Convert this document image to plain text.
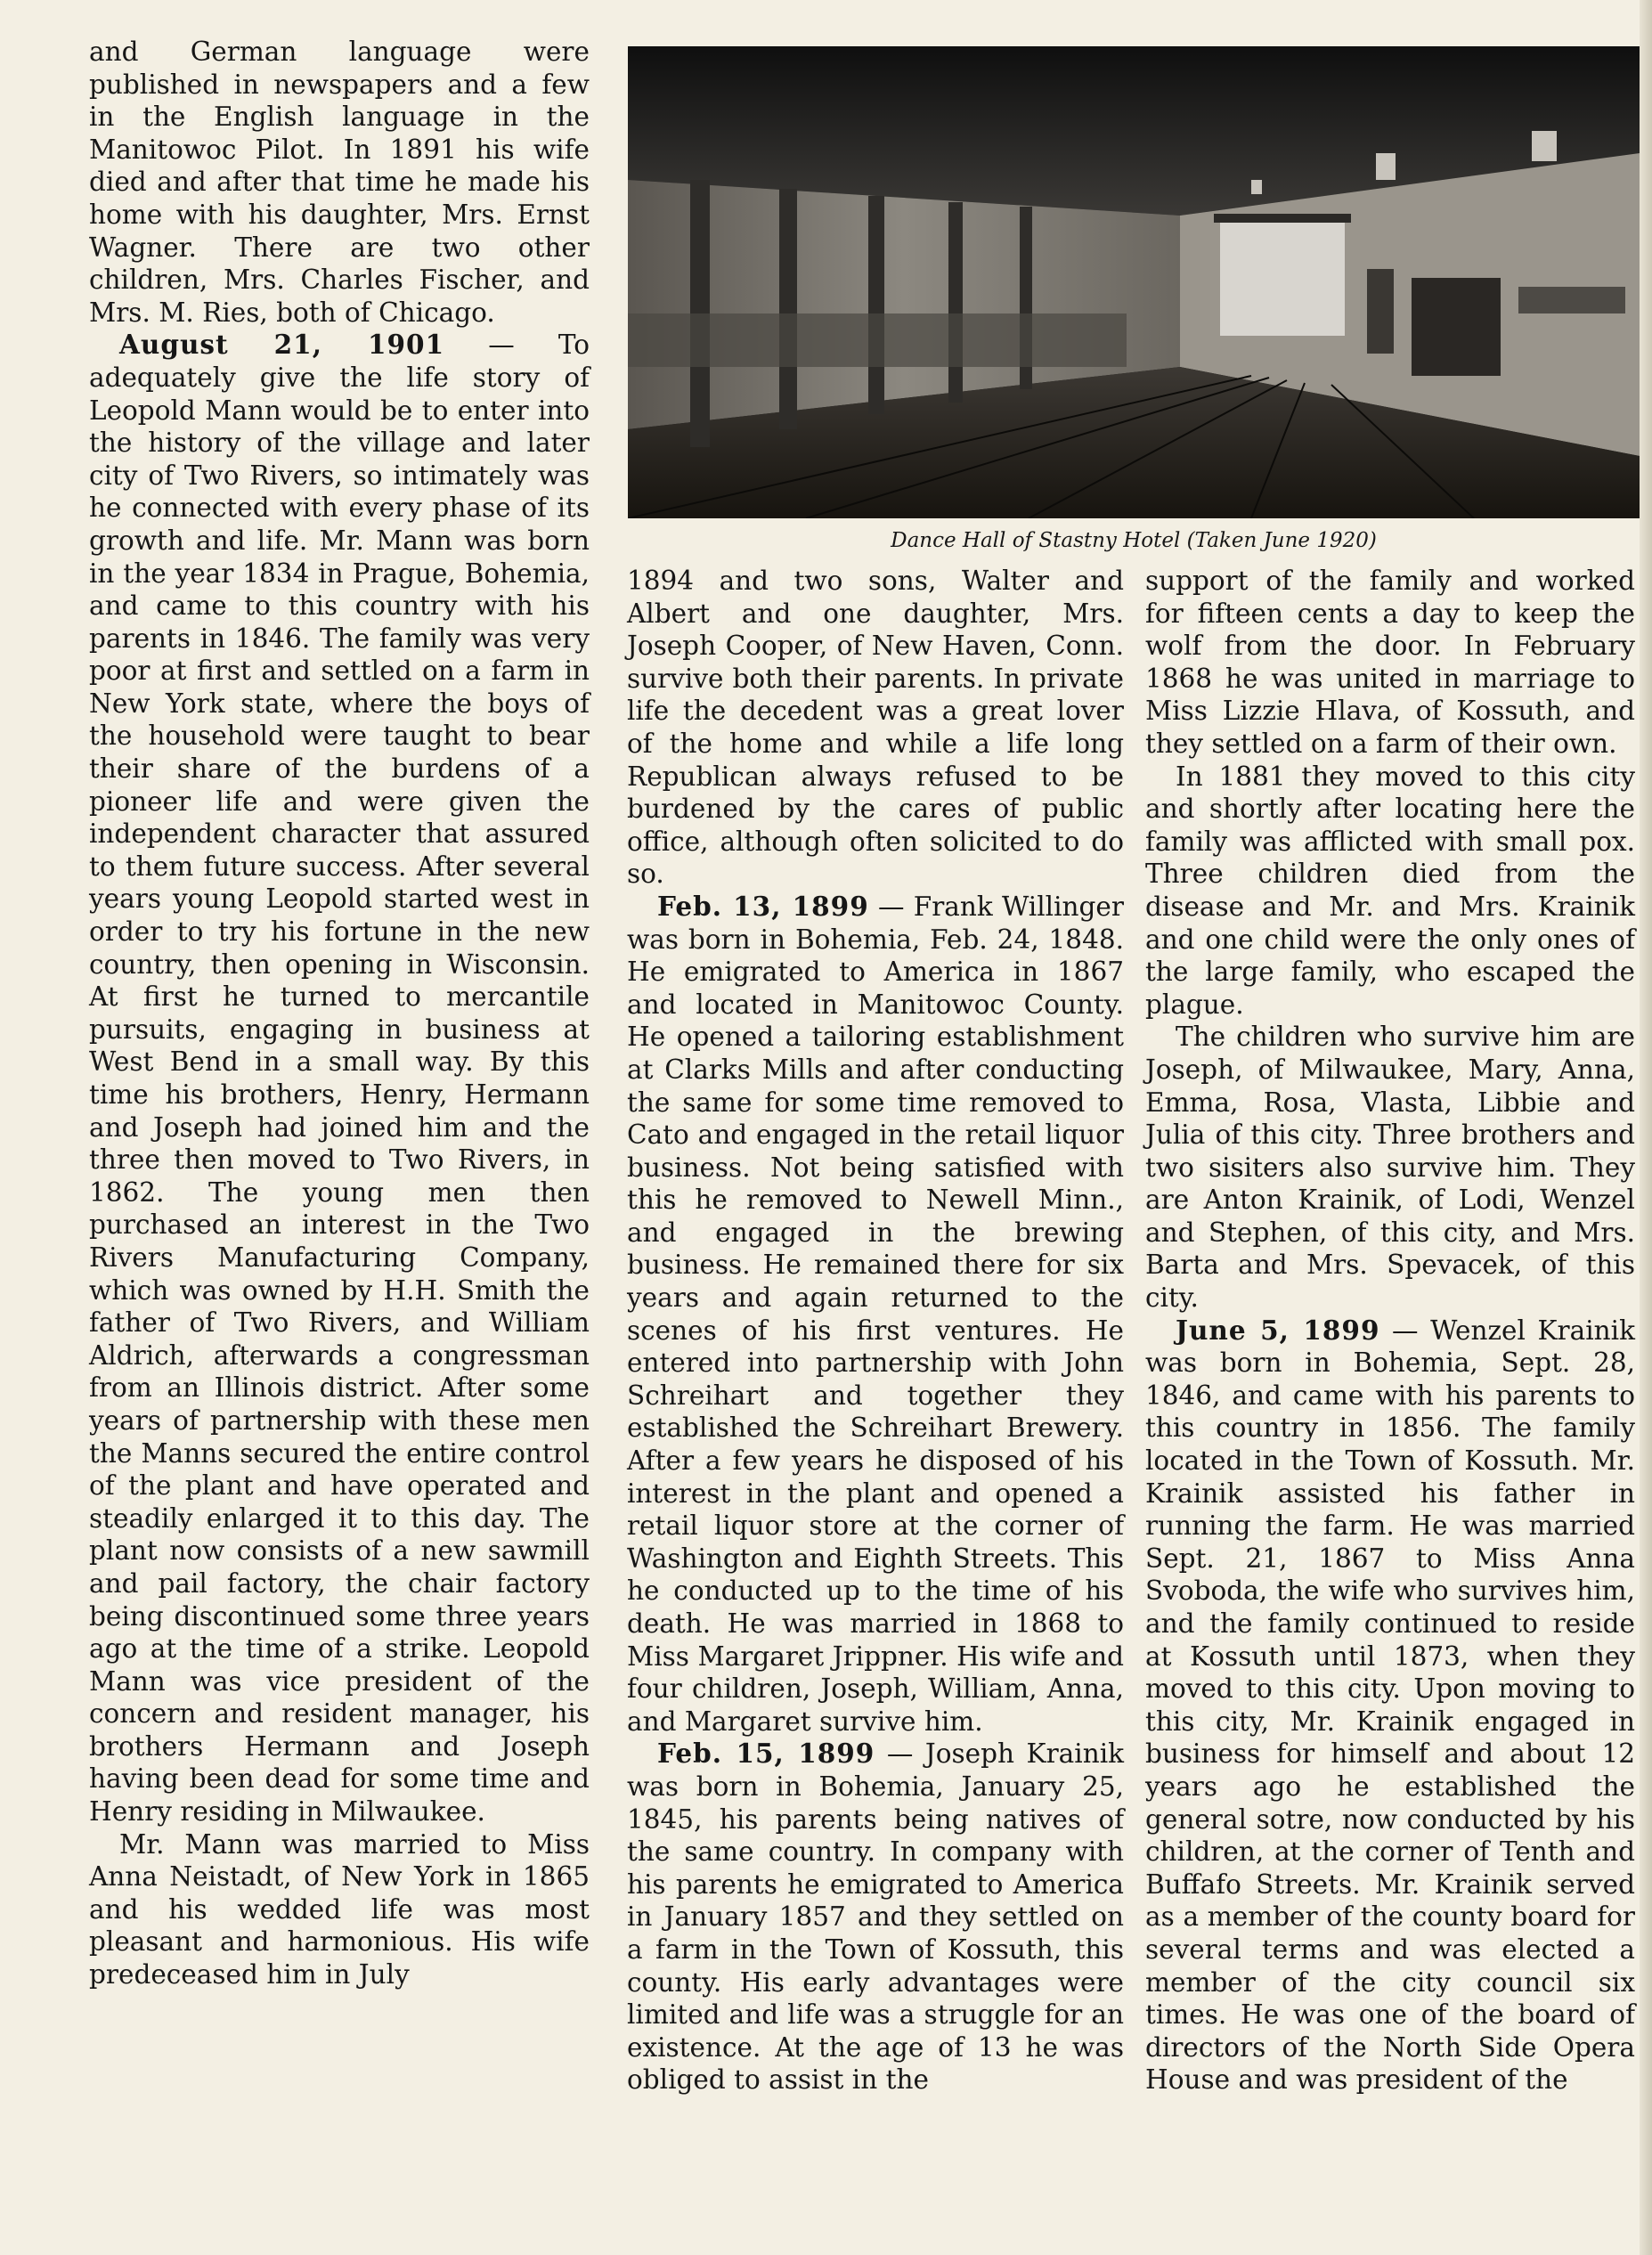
and German language were published in newspapers and a few in the English language in the Manitowoc Pilot. In 1891 his wife died and after that time he made his home with his daughter, Mrs. Ernst Wagner. There are two other children, Mrs. Charles Fischer, and Mrs. M. Ries, both of Chicago.

August 21, 1901 — To adequately give the life story of Leopold Mann would be to enter into the history of the village and later city of Two Rivers, so intimately was he connected with every phase of its growth and life. Mr. Mann was born in the year 1834 in Prague, Bohemia, and came to this country with his parents in 1846. The family was very poor at first and settled on a farm in New York state, where the boys of the household were taught to bear their share of the burdens of a pioneer life and were given the independent character that assured to them future success. After several years young Leopold started west in order to try his fortune in the new country, then opening in Wisconsin. At first he turned to mercantile pursuits, engaging in business at West Bend in a small way. By this time his brothers, Henry, Hermann and Joseph had joined him and the three then moved to Two Rivers, in 1862. The young men then purchased an interest in the Two Rivers Manufacturing Company, which was owned by H.H. Smith the father of Two Rivers, and William Aldrich, afterwards a congressman from an Illinois district. After some years of partnership with these men the Manns secured the entire control of the plant and have operated and steadily enlarged it to this day. The plant now consists of a new sawmill and pail factory, the chair factory being discontinued some three years ago at the time of a strike. Leopold Mann was vice president of the concern and resident manager, his brothers Hermann and Joseph having been dead for some time and Henry residing in Milwaukee.

Mr. Mann was married to Miss Anna Neistadt, of New York in 1865 and his wedded life was most pleasant and harmonious. His wife predeceased him in July

Dance Hall of Stastny Hotel (Taken June 1920)

1894 and two sons, Walter and Albert and one daughter, Mrs. Joseph Cooper, of New Haven, Conn. survive both their parents. In private life the decedent was a great lover of the home and while a life long Republican always refused to be burdened by the cares of public office, although often solicited to do so.

Feb. 13, 1899 — Frank Willinger was born in Bohemia, Feb. 24, 1848. He emigrated to America in 1867 and located in Manitowoc County. He opened a tailoring establishment at Clarks Mills and after conducting the same for some time removed to Cato and engaged in the retail liquor business. Not being satisfied with this he removed to Newell Minn., and engaged in the brewing business. He remained there for six years and again returned to the scenes of his first ventures. He entered into partnership with John Schreihart and together they established the Schreihart Brewery. After a few years he disposed of his interest in the plant and opened a retail liquor store at the corner of Washington and Eighth Streets. This he conducted up to the time of his death. He was married in 1868 to Miss Margaret Jrippner. His wife and four children, Joseph, William, Anna, and Margaret survive him.

Feb. 15, 1899 — Joseph Krainik was born in Bohemia, January 25, 1845, his parents being natives of the same country. In company with his parents he emigrated to America in January 1857 and they settled on a farm in the Town of Kossuth, this county. His early advantages were limited and life was a struggle for an existence. At the age of 13 he was obliged to assist in the

support of the family and worked for fifteen cents a day to keep the wolf from the door. In February 1868 he was united in marriage to Miss Lizzie Hlava, of Kossuth, and they settled on a farm of their own.

In 1881 they moved to this city and shortly after locating here the family was afflicted with small pox. Three children died from the disease and Mr. and Mrs. Krainik and one child were the only ones of the large family, who escaped the plague.

The children who survive him are Joseph, of Milwaukee, Mary, Anna, Emma, Rosa, Vlasta, Libbie and Julia of this city. Three brothers and two sisiters also survive him. They are Anton Krainik, of Lodi, Wenzel and Stephen, of this city, and Mrs. Barta and Mrs. Spevacek, of this city.

June 5, 1899 — Wenzel Krainik was born in Bohemia, Sept. 28, 1846, and came with his parents to this country in 1856. The family located in the Town of Kossuth. Mr. Krainik assisted his father in running the farm. He was married Sept. 21, 1867 to Miss Anna Svoboda, the wife who survives him, and the family continued to reside at Kossuth until 1873, when they moved to this city. Upon moving to this city, Mr. Krainik engaged in business for himself and about 12 years ago he established the general sotre, now conducted by his children, at the corner of Tenth and Buffafo Streets. Mr. Krainik served as a member of the county board for several terms and was elected a member of the city council six times. He was one of the board of directors of the North Side Opera House and was president of the
